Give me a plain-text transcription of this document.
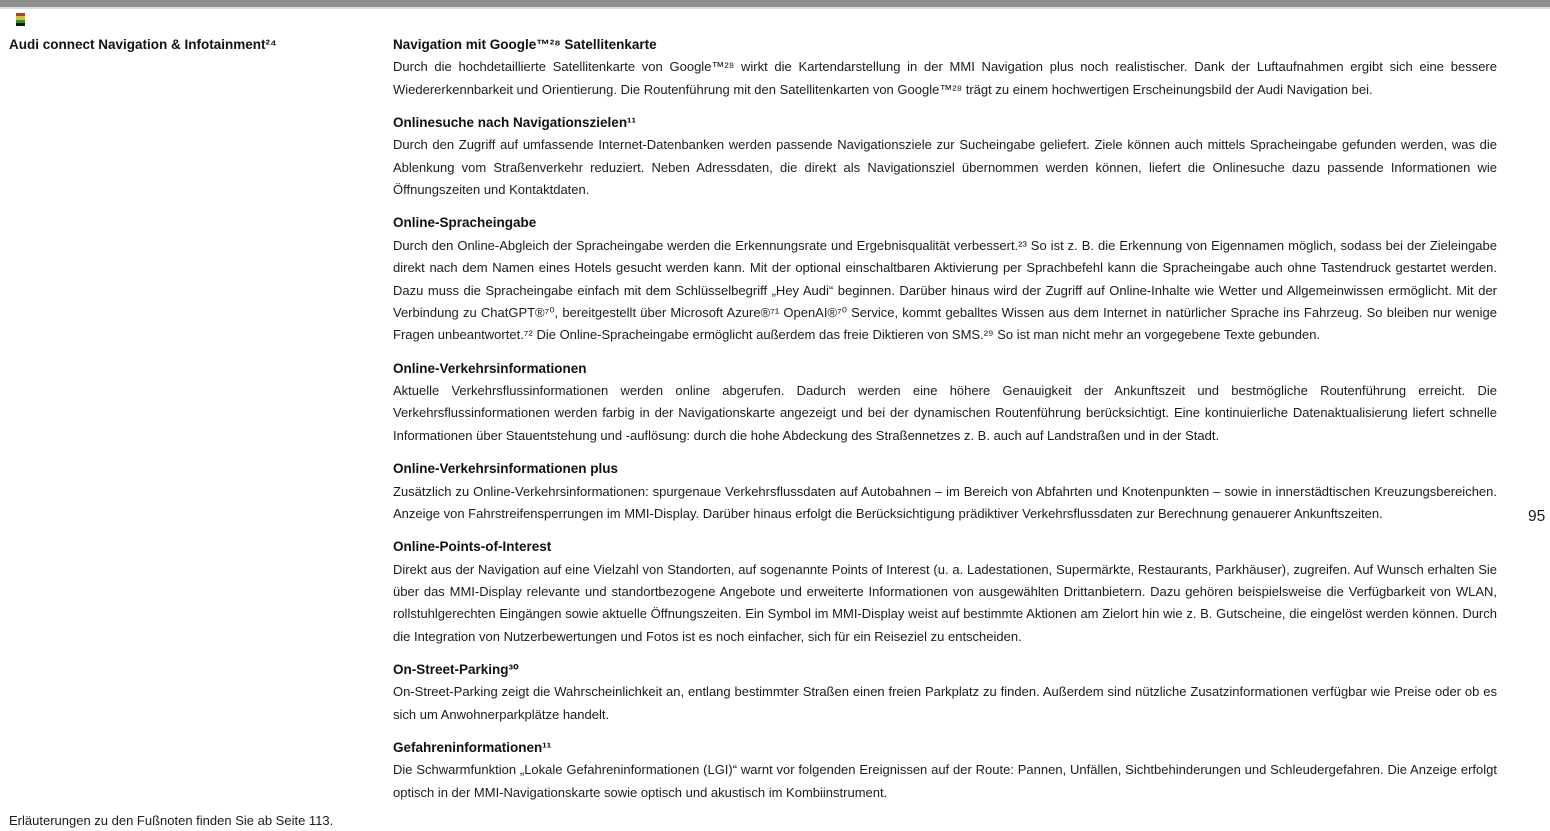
Audi connect Navigation & Infotainment²⁴	Navigation mit Google™²⁸ Satellitenkarte

Durch die hochdetaillierte Satellitenkarte von Google™²⁸ wirkt die Kartendarstellung in der MMI Navigation plus noch realistischer. Dank der Luftaufnahmen ergibt sich eine bessere Wiedererkennbarkeit und Orientierung. Die Routenführung mit den Satellitenkarten von Google™²⁸ trägt zu einem hochwertigen Erscheinungsbild der Audi Navigation bei.

Onlinesuche nach Navigationszielen¹¹

Durch den Zugriff auf umfassende Internet-Datenbanken werden passende Navigationsziele zur Sucheingabe geliefert. Ziele können auch mittels Spracheingabe gefunden werden, was die Ablenkung vom Straßenverkehr reduziert. Neben Adressdaten, die direkt als Navigationsziel übernommen werden können, liefert die Onlinesuche dazu passende Informationen wie Öffnungszeiten und Kontaktdaten.

Online-Spracheingabe

Durch den Online-Abgleich der Spracheingabe werden die Erkennungsrate und Ergebnisqualität verbessert.²³ So ist z. B. die Erkennung von Eigennamen möglich, sodass bei der Zieleingabe direkt nach dem Namen eines Hotels gesucht werden kann. Mit der optional einschaltbaren Aktivierung per Sprachbefehl kann die Spracheingabe auch ohne Tastendruck gestartet werden. Dazu muss die Spracheingabe einfach mit dem Schlüsselbegriff „Hey Audi“ beginnen. Darüber hinaus wird der Zugriff auf Online-Inhalte wie Wetter und Allgemeinwissen ermöglicht. Mit der Verbindung zu ChatGPT®⁷⁰, bereitgestellt über Microsoft Azure®⁷¹ OpenAI®⁷⁰ Service, kommt geballtes Wissen aus dem Internet in natürlicher Sprache ins Fahrzeug. So bleiben nur wenige Fragen unbeantwortet.⁷² Die Online-Spracheingabe ermöglicht außerdem das freie Diktieren von SMS.²⁹ So ist man nicht mehr an vorgegebene Texte gebunden.

Online-Verkehrsinformationen

Aktuelle Verkehrsflussinformationen werden online abgerufen. Dadurch werden eine höhere Genauigkeit der Ankunftszeit und bestmögliche Routenführung erreicht. Die Verkehrsflussinformationen werden farbig in der Navigationskarte angezeigt und bei der dynamischen Routenführung berücksichtigt. Eine kontinuierliche Datenaktualisierung liefert schnelle Informationen über Stauentstehung und -auflösung: durch die hohe Abdeckung des Straßennetzes z. B. auch auf Landstraßen und in der Stadt.

Online-Verkehrsinformationen plus

Zusätzlich zu Online-Verkehrsinformationen: spurgenaue Verkehrsflussdaten auf Autobahnen – im Bereich von Abfahrten und Knotenpunkten – sowie in innerstädtischen Kreuzungsbereichen. Anzeige von Fahrstreifensperrungen im MMI-Display. Darüber hinaus erfolgt die Berücksichtigung prädiktiver Verkehrsflussdaten zur Berechnung genauerer Ankunftszeiten.

Online-Points-of-Interest

Direkt aus der Navigation auf eine Vielzahl von Standorten, auf sogenannte Points of Interest (u. a. Ladestationen, Supermärkte, Restaurants, Parkhäuser), zugreifen. Auf Wunsch erhalten Sie über das MMI-Display relevante und standortbezogene Angebote und erweiterte Informationen von ausgewählten Drittanbietern. Dazu gehören beispielsweise die Verfügbarkeit von WLAN, rollstuhlgerechten Eingängen sowie aktuelle Öffnungszeiten. Ein Symbol im MMI-Display weist auf bestimmte Aktionen am Zielort hin wie z. B. Gutscheine, die eingelöst werden können. Durch die Integration von Nutzerbewertungen und Fotos ist es noch einfacher, sich für ein Reiseziel zu entscheiden.

On-Street-Parking³⁰

On-Street-Parking zeigt die Wahrscheinlichkeit an, entlang bestimmter Straßen einen freien Parkplatz zu finden. Außerdem sind nützliche Zusatzinformationen verfügbar wie Preise oder ob es sich um Anwohnerparkplätze handelt.

Gefahreninformationen¹¹

Die Schwarmfunktion „Lokale Gefahreninformationen (LGI)“ warnt vor folgenden Ereignissen auf der Route: Pannen, Unfällen, Sichtbehinderungen und Schleudergefahren. Die Anzeige erfolgt optisch in der MMI-Navigationskarte sowie optisch und akustisch im Kombiinstrument.

95
Erläuterungen zu den Fußnoten finden Sie ab Seite 113.
